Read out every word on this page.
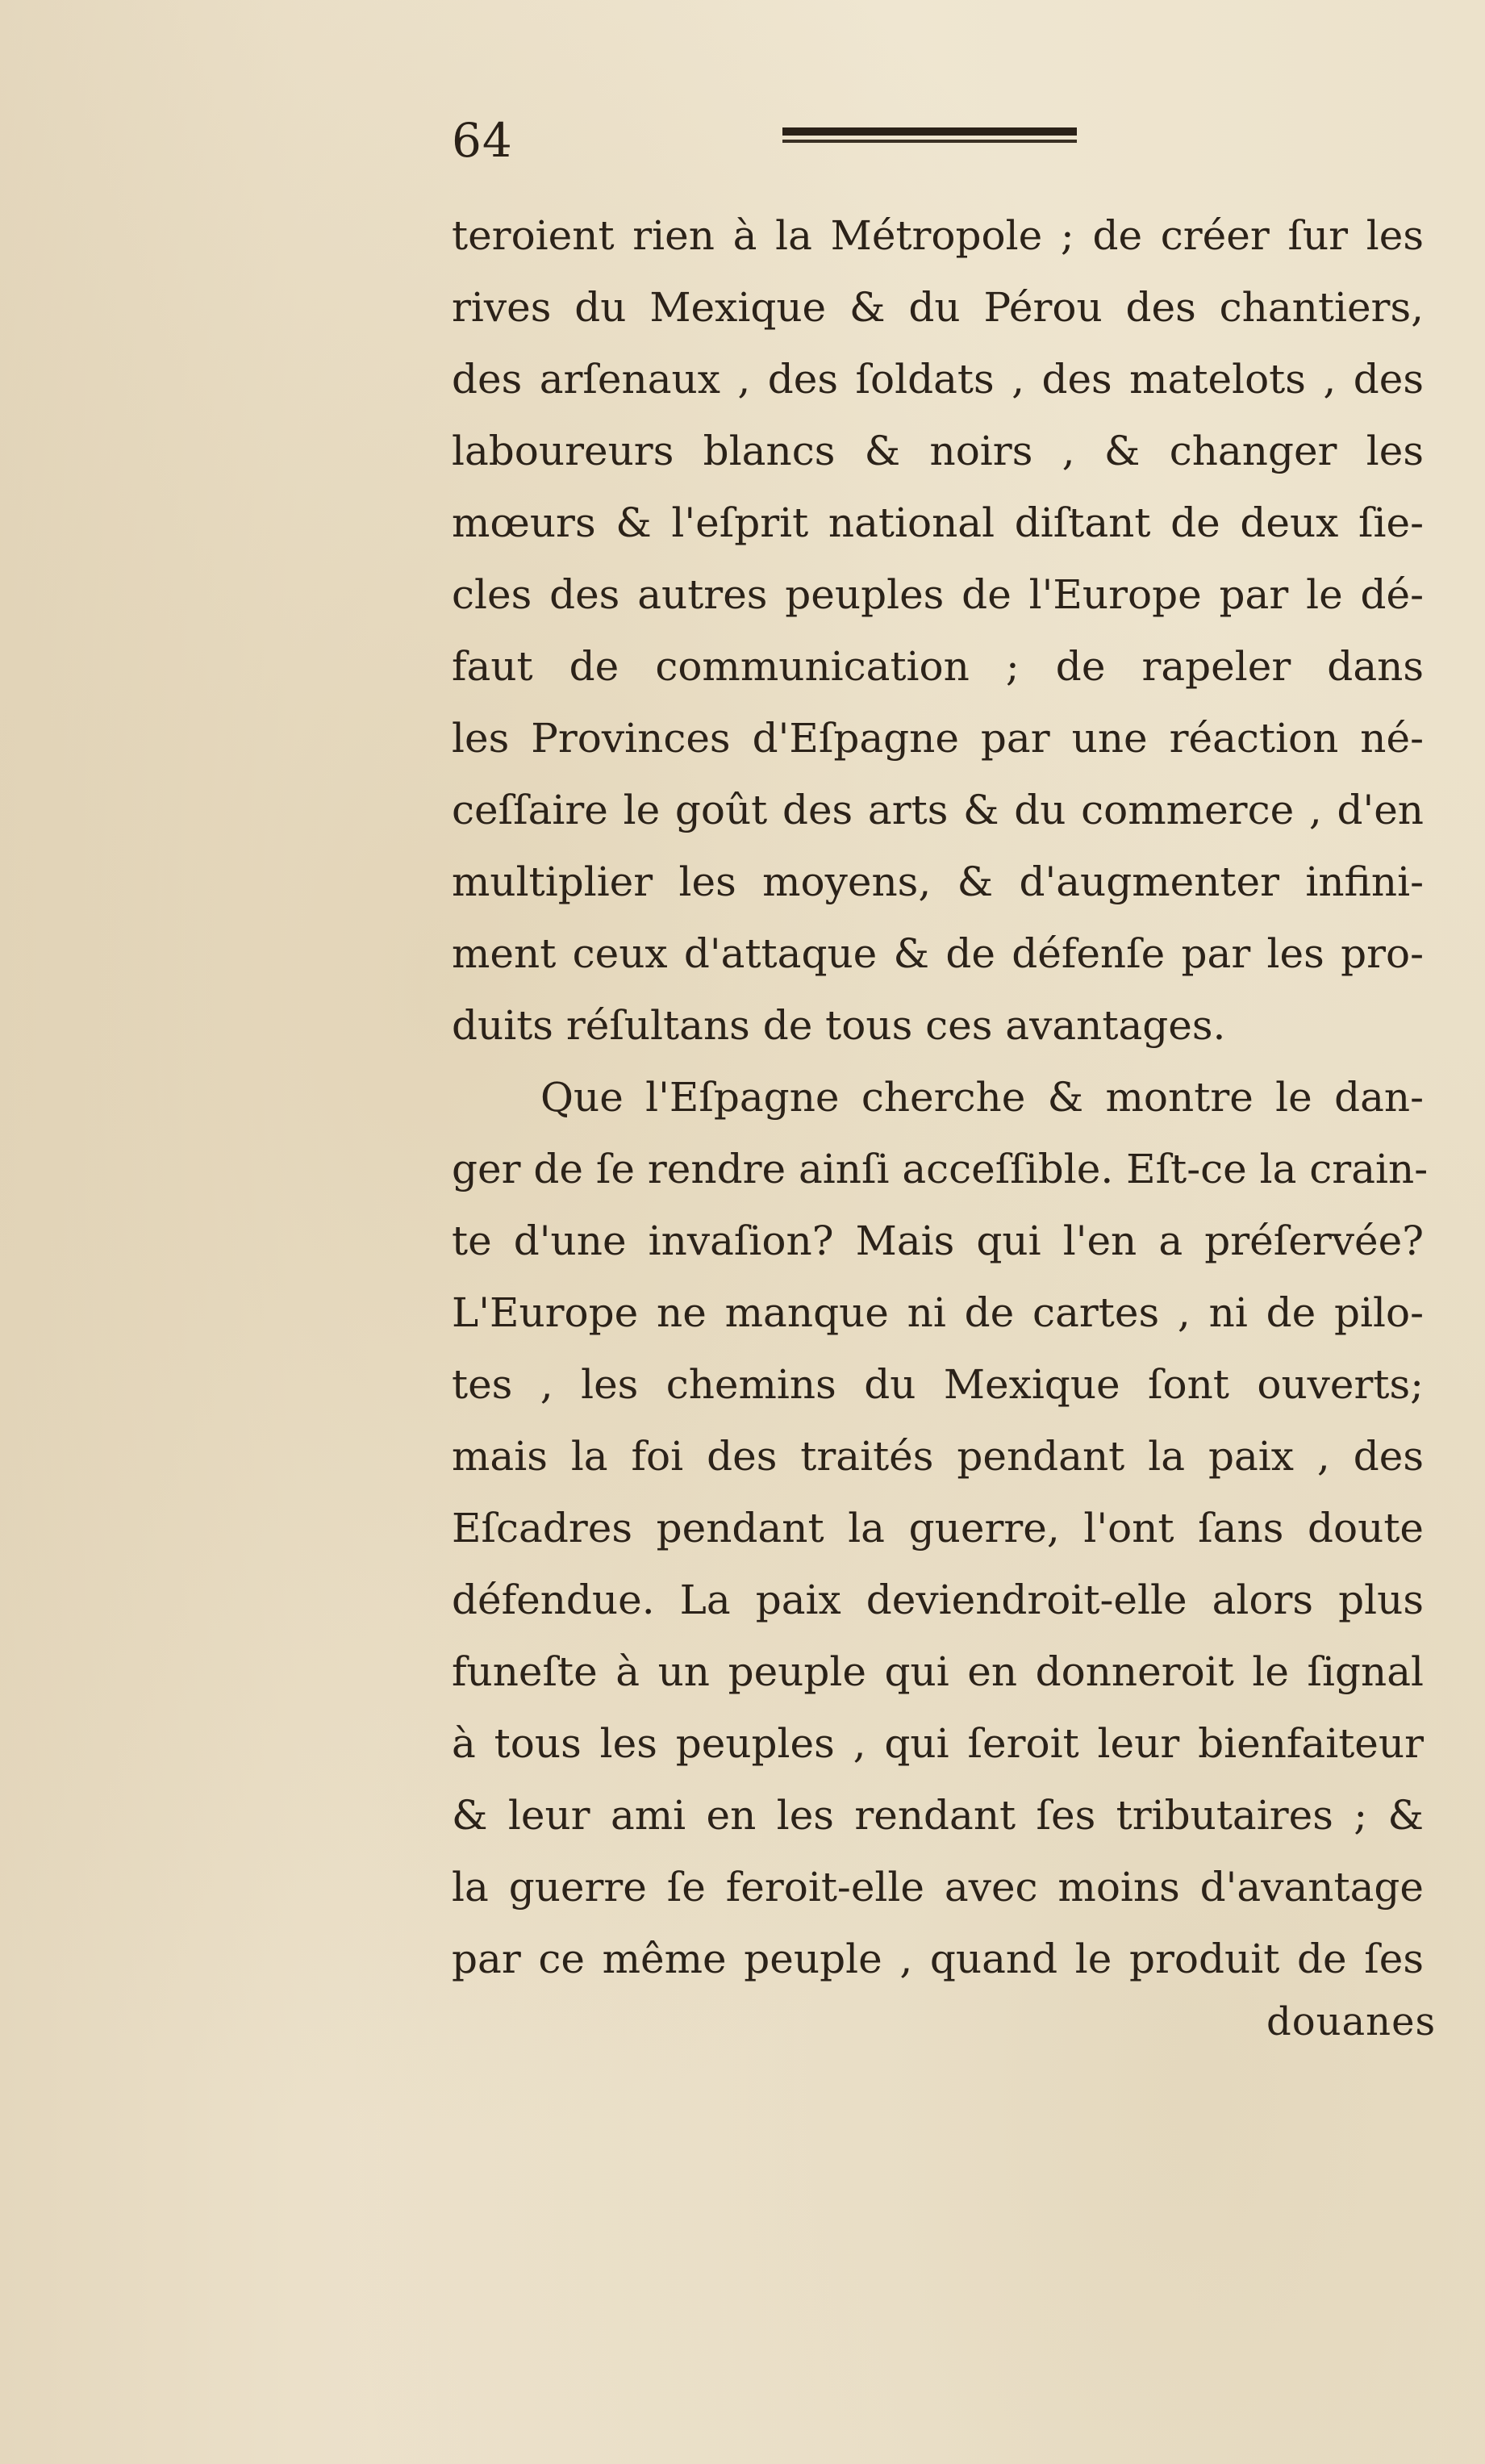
64
teroient rien à la Métropole ; de créer ſur les
rives du Mexique & du Pérou des chantiers,
des arſenaux , des ſoldats , des matelots , des
laboureurs blancs & noirs , & changer les
mœurs & l'eſprit national diſtant de deux ſie-
cles des autres peuples de l'Europe par le dé-
faut de communication ; de rapeler dans
les Provinces d'Eſpagne par une réaction né-
ceſſaire le goût des arts & du commerce , d'en
multiplier les moyens, & d'augmenter infini-
ment ceux d'attaque & de défenſe par les pro-
duits réſultans de tous ces avantages.
Que l'Eſpagne cherche & montre le dan-
ger de ſe rendre ainſi acceſſible. Eſt-ce la crain-
te d'une invaſion? Mais qui l'en a préſervée?
L'Europe ne manque ni de cartes , ni de pilo-
tes , les chemins du Mexique ſont ouverts;
mais la foi des traités pendant la paix , des
Eſcadres pendant la guerre, l'ont ſans doute
défendue. La paix deviendroit-elle alors plus
funeſte à un peuple qui en donneroit le ſignal
à tous les peuples , qui ſeroit leur bienfaiteur
& leur ami en les rendant ſes tributaires ; &
la guerre ſe feroit-elle avec moins d'avantage
par ce même peuple , quand le produit de ſes
douanes
